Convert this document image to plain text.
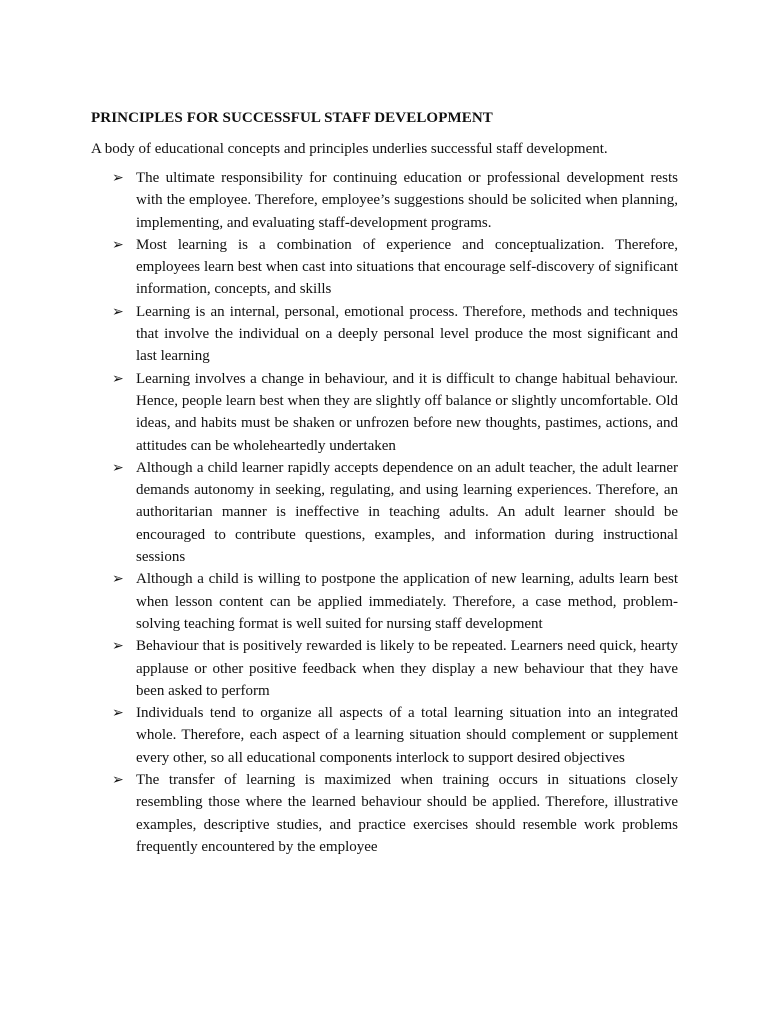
PRINCIPLES FOR SUCCESSFUL STAFF DEVELOPMENT

A body of educational concepts and principles underlies successful staff development.

➢ The ultimate responsibility for continuing education or professional development rests with the employee. Therefore, employee’s suggestions should be solicited when planning, implementing, and evaluating staff-development programs.
➢ Most learning is a combination of experience and conceptualization. Therefore, employees learn best when cast into situations that encourage self-discovery of significant information, concepts, and skills
➢ Learning is an internal, personal, emotional process. Therefore, methods and techniques that involve the individual on a deeply personal level produce the most significant and last learning
➢ Learning involves a change in behaviour, and it is difficult to change habitual behaviour. Hence, people learn best when they are slightly off balance or slightly uncomfortable. Old ideas, and habits must be shaken or unfrozen before new thoughts, pastimes, actions, and attitudes can be wholeheartedly undertaken
➢ Although a child learner rapidly accepts dependence on an adult teacher, the adult learner demands autonomy in seeking, regulating, and using learning experiences. Therefore, an authoritarian manner is ineffective in teaching adults. An adult learner should be encouraged to contribute questions, examples, and information during instructional sessions
➢ Although a child is willing to postpone the application of new learning, adults learn best when lesson content can be applied immediately. Therefore, a case method, problem-solving teaching format is well suited for nursing staff development
➢ Behaviour that is positively rewarded is likely to be repeated. Learners need quick, hearty applause or other positive feedback when they display a new behaviour that they have been asked to perform
➢ Individuals tend to organize all aspects of a total learning situation into an integrated whole. Therefore, each aspect of a learning situation should complement or supplement every other, so all educational components interlock to support desired objectives
➢ The transfer of learning is maximized when training occurs in situations closely resembling those where the learned behaviour should be applied. Therefore, illustrative examples, descriptive studies, and practice exercises should resemble work problems frequently encountered by the employee
